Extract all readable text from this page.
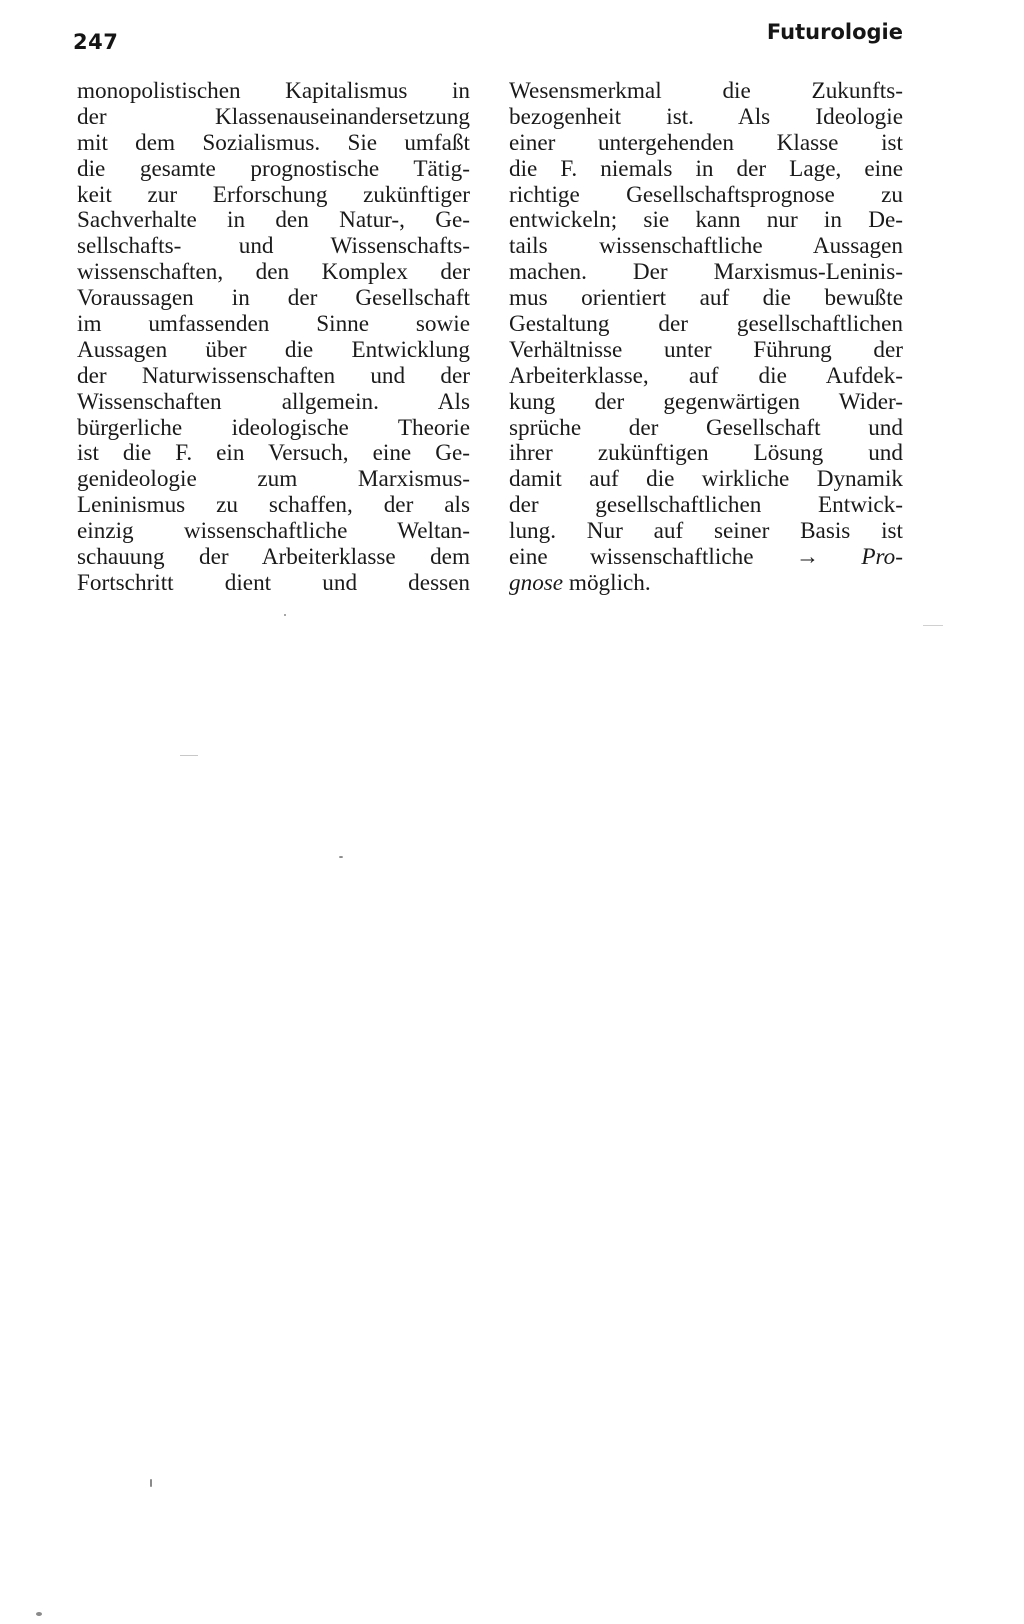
247	Futurologie
monopolistischen Kapitalismus in
der Klassenauseinandersetzung
mit dem Sozialismus. Sie umfaßt
die gesamte prognostische Tätig-
keit zur Erforschung zukünftiger
Sachverhalte in den Natur-, Ge-
sellschafts- und Wissenschafts-
wissenschaften, den Komplex der
Voraussagen in der Gesellschaft
im umfassenden Sinne sowie
Aussagen über die Entwicklung
der Naturwissenschaften und der
Wissenschaften allgemein. Als
bürgerliche ideologische Theorie
ist die F. ein Versuch, eine Ge-
genideologie zum Marxismus-
Leninismus zu schaffen, der als
einzig wissenschaftliche Weltan-
schauung der Arbeiterklasse dem
Fortschritt dient und dessen
Wesensmerkmal die Zukunfts-
bezogenheit ist. Als Ideologie
einer untergehenden Klasse ist
die F. niemals in der Lage, eine
richtige Gesellschaftsprognose zu
entwickeln; sie kann nur in De-
tails wissenschaftliche Aussagen
machen. Der Marxismus-Leninis-
mus orientiert auf die bewußte
Gestaltung der gesellschaftlichen
Verhältnisse unter Führung der
Arbeiterklasse, auf die Aufdek-
kung der gegenwärtigen Wider-
sprüche der Gesellschaft und
ihrer zukünftigen Lösung und
damit auf die wirkliche Dynamik
der gesellschaftlichen Entwick-
lung. Nur auf seiner Basis ist
eine wissenschaftliche → Pro-
gnose möglich.
